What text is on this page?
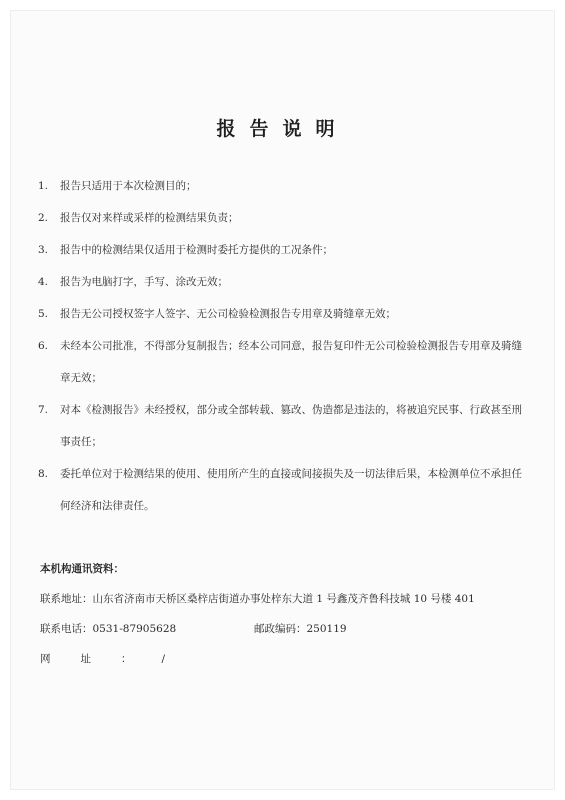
报告说明
1.	报告只适用于本次检测目的；
2.	报告仅对来样或采样的检测结果负责；
3.	报告中的检测结果仅适用于检测时委托方提供的工况条件；
4.	报告为电脑打字，手写、涂改无效；
5.	报告无公司授权签字人签字、无公司检验检测报告专用章及骑缝章无效；
6.	未经本公司批准，不得部分复制报告；经本公司同意，报告复印件无公司检验检测报告专用章及骑缝章无效；
7.	对本《检测报告》未经授权，部分或全部转载、篡改、伪造都是违法的，将被追究民事、行政甚至刑事责任；
8.	委托单位对于检测结果的使用、使用所产生的直接或间接损失及一切法律后果，本检测单位不承担任何经济和法律责任。
本机构通讯资料：
联系地址：山东省济南市天桥区桑梓店街道办事处梓东大道 1 号鑫茂齐鲁科技城 10 号楼 401
联系电话：0531-87905628	邮政编码：250119
网址：/
